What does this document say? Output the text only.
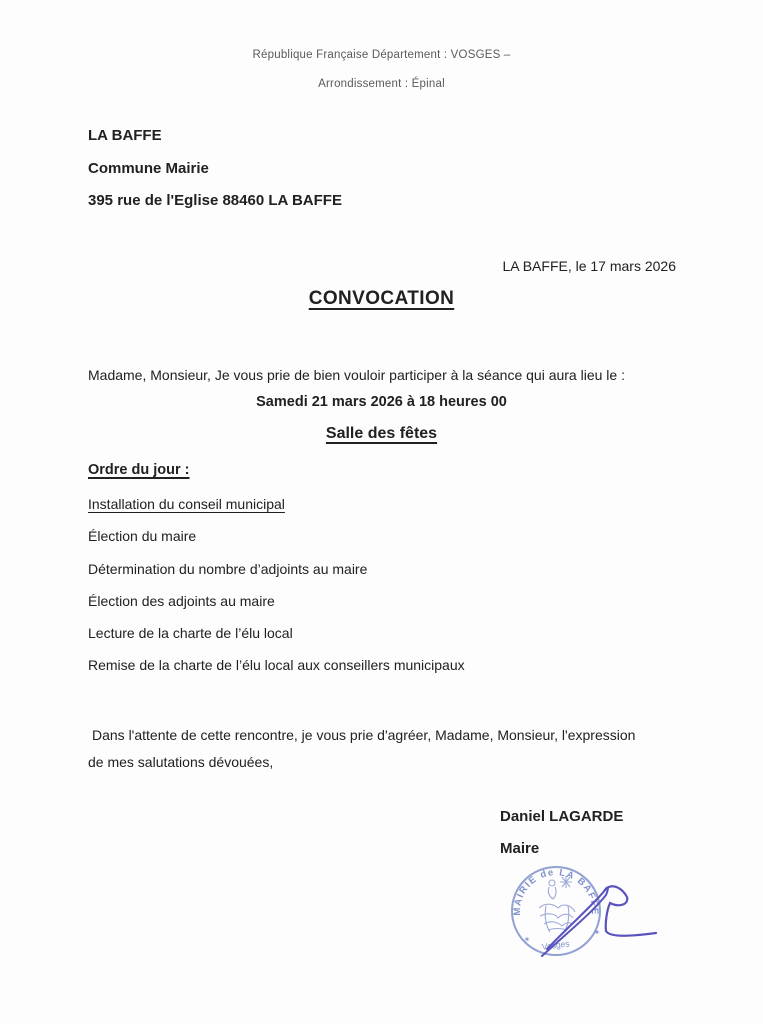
République Française Département : VOSGES –
Arrondissement : Épinal
LA BAFFE
Commune Mairie
395 rue de l'Eglise 88460 LA BAFFE
LA BAFFE, le 17 mars 2026
CONVOCATION
Madame, Monsieur, Je vous prie de bien vouloir participer à la séance qui aura lieu le :
Samedi 21 mars 2026 à 18 heures 00
Salle des fêtes
Ordre du jour :
Installation du conseil municipal
Élection du maire
Détermination du nombre d’adjoints au maire
Élection des adjoints au maire
Lecture de la charte de l’élu local
Remise de la charte de l’élu local aux conseillers municipaux
Dans l'attente de cette rencontre, je vous prie d'agréer, Madame, Monsieur, l'expression
de mes salutations dévouées,
Daniel LAGARDE
Maire
MAIRIE de LA BAFFE
Vosges
✶
✶
